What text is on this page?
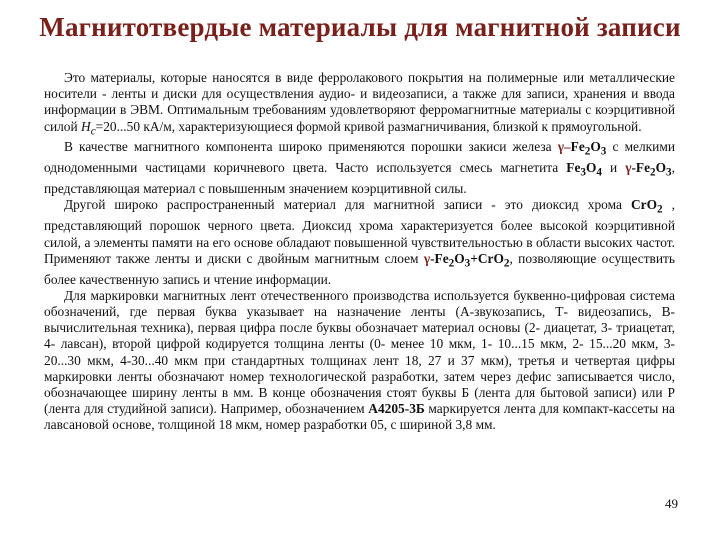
Магнитотвердые материалы для магнитной записи

Это материалы, которые наносятся в виде ферролакового покрытия на полимерные или металлические носители - ленты и диски для осуществления аудио- и видеозаписи, а также для записи, хранения и ввода информации в ЭВМ. Оптимальным требованиям удовлетворяют ферромагнитные материалы с коэрцитивной силой $H_c=20...50$ кА/м, характеризующиеся формой кривой размагничивания, близкой к прямоугольной.

В качестве магнитного компонента широко применяются порошки закиси железа $\gamma-Fe_2O_3$ с мелкими однодоменными частицами коричневого цвета. Часто используется смесь магнетита $Fe_3O_4$ и $\gamma-Fe_2O_3$, представляющая материал с повышенным значением коэрцитивной силы.

Другой широко распространенный материал для магнитной записи - это диоксид хрома CrO$_2$ , представляющий порошок черного цвета. Диоксид хрома характеризуется более высокой коэрцитивной силой, а элементы памяти на его основе обладают повышенной чувствительностью в области высоких частот. Применяют также ленты и диски с двойным магнитным слоем $\gamma-Fe_2O_3+CrO_2$, позволяющие осуществить более качественную запись и чтение информации.

Для маркировки магнитных лент отечественного производства используется буквенно-цифровая система обозначений, где первая буква указывает на назначение ленты (А-звукозапись, Т- видеозапись, В- вычислительная техника), первая цифра после буквы обозначает материал основы (2- диацетат, 3- триацетат, 4- лавсан), второй цифрой кодируется толщина ленты (0- менее 10 мкм, 1- 10...15 мкм, 2- 15...20 мкм, 3- 20...30 мкм, 4-30...40 мкм при стандартных толщинах лент 18, 27 и 37 мкм), третья и четвертая цифры маркировки ленты обозначают номер технологической разработки, затем через дефис записывается число, обозначающее ширину ленты в мм. В конце обозначения стоят буквы Б (лента для бытовой записи) или Р (лента для студийной записи). Например, обозначением А4205-3Б маркируется лента для компакт-кассеты на лавсановой основе, толщиной 18 мкм, номер разработки 05, с шириной 3,8 мм.

49
